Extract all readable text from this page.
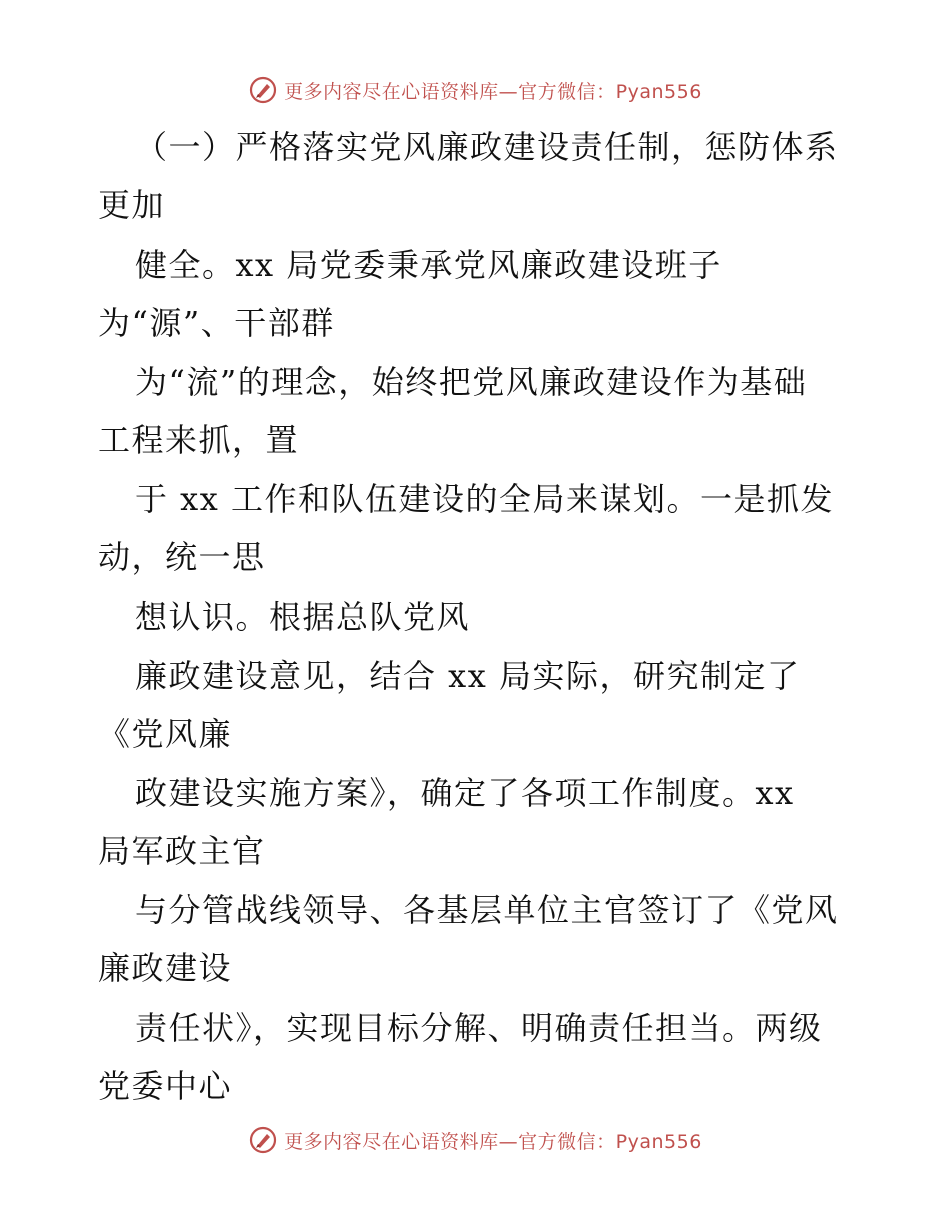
更多内容尽在心语资料库—官方微信：Pyan556
（一）严格落实党风廉政建设责任制，惩防体系
更加
健全。xx 局党委秉承党风廉政建设班子
为“源”、干部群
为“流”的理念，始终把党风廉政建设作为基础
工程来抓，置
于 xx 工作和队伍建设的全局来谋划。一是抓发
动，统一思
想认识。根据总队党风
廉政建设意见，结合 xx 局实际，研究制定了
《党风廉
政建设实施方案》，确定了各项工作制度。xx
局军政主官
与分管战线领导、各基层单位主官签订了《党风
廉政建设
责任状》，实现目标分解、明确责任担当。两级
党委中心
更多内容尽在心语资料库—官方微信：Pyan556
